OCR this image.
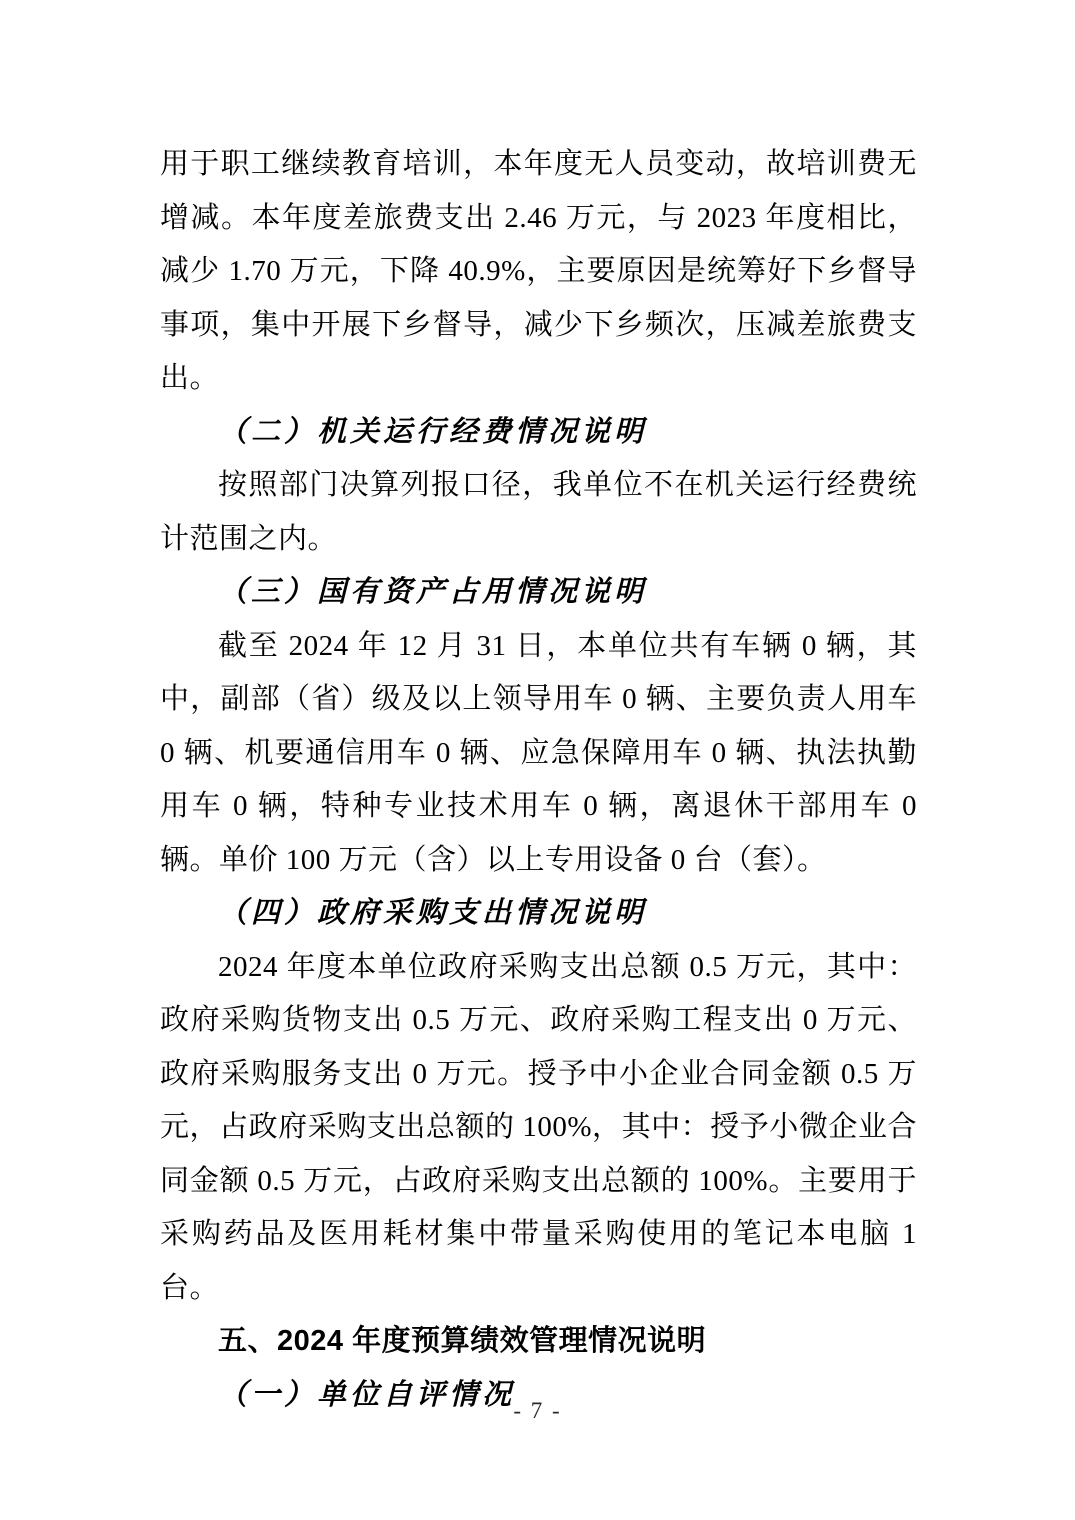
用于职工继续教育培训，本年度无人员变动，故培训费无增减。本年度差旅费支出 2.46 万元，与 2023 年度相比，减少 1.70 万元，下降 40.9%，主要原因是统筹好下乡督导事项，集中开展下乡督导，减少下乡频次，压减差旅费支出。

（二）机关运行经费情况说明

按照部门决算列报口径，我单位不在机关运行经费统计范围之内。

（三）国有资产占用情况说明

截至 2024 年 12 月 31 日，本单位共有车辆 0 辆，其中，副部（省）级及以上领导用车 0 辆、主要负责人用车 0 辆、机要通信用车 0 辆、应急保障用车 0 辆、执法执勤用车 0 辆，特种专业技术用车 0 辆，离退休干部用车 0 辆。单价 100 万元（含）以上专用设备 0 台（套）。

（四）政府采购支出情况说明

2024 年度本单位政府采购支出总额 0.5 万元，其中：政府采购货物支出 0.5 万元、政府采购工程支出 0 万元、政府采购服务支出 0 万元。授予中小企业合同金额 0.5 万元，占政府采购支出总额的 100%，其中：授予小微企业合同金额 0.5 万元，占政府采购支出总额的 100%。主要用于采购药品及医用耗材集中带量采购使用的笔记本电脑 1 台。

五、2024 年度预算绩效管理情况说明
（一）单位自评情况
- 7 -
